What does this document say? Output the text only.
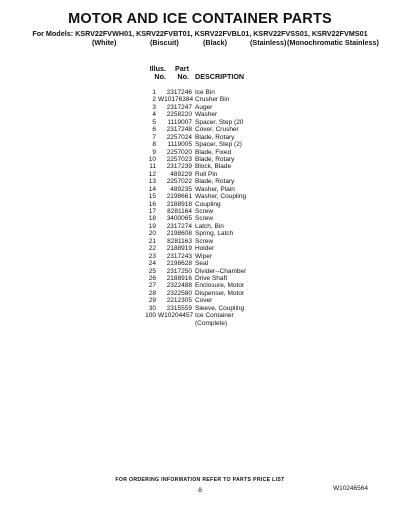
MOTOR AND ICE CONTAINER PARTS
For Models: KSRV22FVWH01, KSRV22FVBT01, KSRV22FVBL01, KSRV22FVSS01, KSRV22FVMS01
(White)	(Biscuit)	(Black)	(Stainless) (Monochromatic Stainless)
Illus.
No.
Part
No. DESCRIPTION
1	2317246 Ice Bin
2 W10176384 Crusher Bin
3	2317247 Auger
4	2258220 Washer
5	1119007 Spacer, Step (20
6	2317248 Cover, Crusher
7	2257024 Blade, Rotary
8	1119005 Spacer, Step (2)
9	2257020 Blade, Fixed
10	2257023 Blade, Rotary
11	2317239 Block, Blade
12	489229 Roll Pin
13	2257022 Blade, Rotary
14	489235 Washer, Plain
15	2198661 Washer, Coupling
16	2188918 Coupling
17	8281164 Screw
18	3400065 Screw
19	2317274 Latch, Bin
20	2198608 Spring, Latch
21	8281163 Screw
22	2188919 Holder
23	2317243 Wiper
24	2198628 Seal
25	2317250 Divider--Chamber
26	2188916 Drive Shaft
27	2322488 Enclosure, Motor
28	2322580 Dispenser, Motor
29	2212305 Cover
30	2315559 Sleeve, Coupling
100 W10204457 Ice Container
(Complete)
FOR ORDERING INFORMATION REFER TO PARTS PRICE LIST
8	W10246564
